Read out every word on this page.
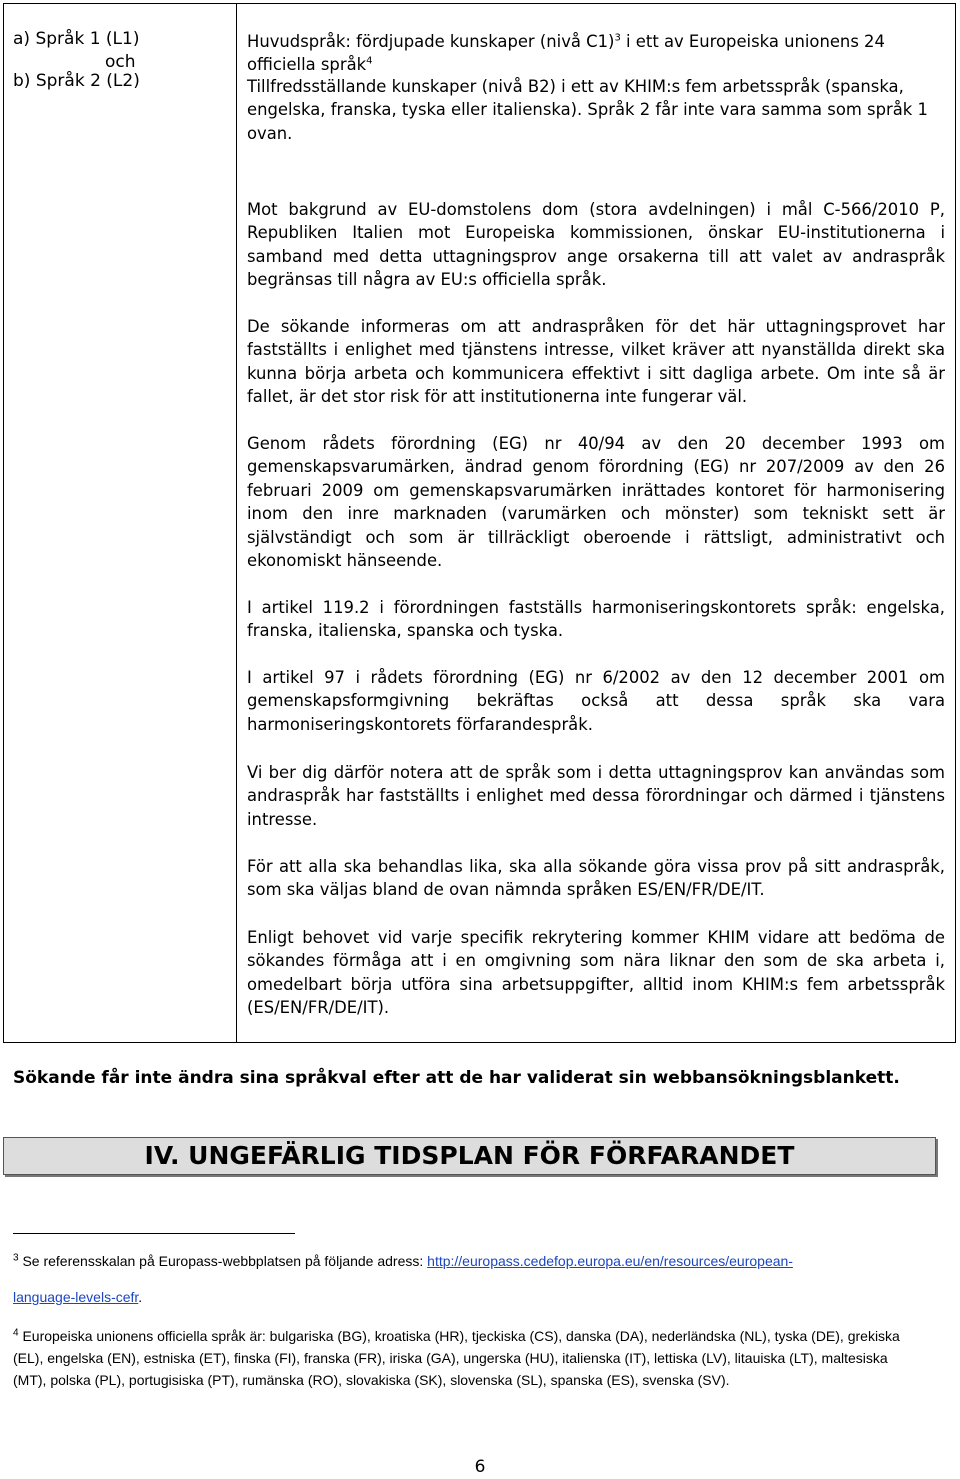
a) Språk 1 (L1)
och
b) Språk 2 (L2)
Huvudspråk: fördjupade kunskaper (nivå C1)$^3$ i ett av Europeiska unionens 24
officiella språk$^4$
Tillfredsställande kunskaper (nivå B2) i ett av KHIM:s fem arbetsspråk (spanska, engelska, franska, tyska eller italienska). Språk 2 får inte vara samma som språk 1 ovan.
Mot bakgrund av EU-domstolens dom (stora avdelningen) i mål C-566/2010 P, Republiken Italien mot Europeiska kommissionen, önskar EU-institutionerna i samband med detta uttagningsprov ange orsakerna till att valet av andraspråk begränsas till några av EU:s officiella språk.
De sökande informeras om att andraspråken för det här uttagningsprovet har fastställts i enlighet med tjänstens intresse, vilket kräver att nyanställda direkt ska kunna börja arbeta och kommunicera effektivt i sitt dagliga arbete. Om inte så är fallet, är det stor risk för att institutionerna inte fungerar väl.
Genom rådets förordning (EG) nr 40/94 av den 20 december 1993 om gemenskapsvarumärken, ändrad genom förordning (EG) nr 207/2009 av den 26 februari 2009 om gemenskapsvarumärken inrättades kontoret för harmonisering inom den inre marknaden (varumärken och mönster) som tekniskt sett är självständigt och som är tillräckligt oberoende i rättsligt, administrativt och ekonomiskt hänseende.
I artikel 119.2 i förordningen fastställs harmoniseringskontorets språk: engelska, franska, italienska, spanska och tyska.
I artikel 97 i rådets förordning (EG) nr 6/2002 av den 12 december 2001 om gemenskapsformgivning bekräftas också att dessa språk ska vara harmoniseringskontorets förfarandespråk.
Vi ber dig därför notera att de språk som i detta uttagningsprov kan användas som andraspråk har fastställts i enlighet med dessa förordningar och därmed i tjänstens intresse.
För att alla ska behandlas lika, ska alla sökande göra vissa prov på sitt andraspråk, som ska väljas bland de ovan nämnda språken ES/EN/FR/DE/IT.
Enligt behovet vid varje specifik rekrytering kommer KHIM vidare att bedöma de sökandes förmåga att i en omgivning som nära liknar den som de ska arbeta i, omedelbart börja utföra sina arbetsuppgifter, alltid inom KHIM:s fem arbetsspråk (ES/EN/FR/DE/IT).
Sökande får inte ändra sina språkval efter att de har validerat sin webbansökningsblankett.
IV. UNGEFÄRLIG TIDSPLAN FÖR FÖRFARANDET
$^3$ Se referensskalan på Europass-webbplatsen på följande adress: http://europass.cedefop.europa.eu/en/resources/european-
language-levels-cefr.
$^4$ Europeiska unionens officiella språk är: bulgariska (BG), kroatiska (HR), tjeckiska (CS), danska (DA), nederländska (NL), tyska (DE), grekiska (EL), engelska (EN), estniska (ET), finska (FI), franska (FR), iriska (GA), ungerska (HU), italienska (IT), lettiska (LV), litauiska (LT), maltesiska (MT), polska (PL), portugisiska (PT), rumänska (RO), slovakiska (SK), slovenska (SL), spanska (ES), svenska (SV).
6
